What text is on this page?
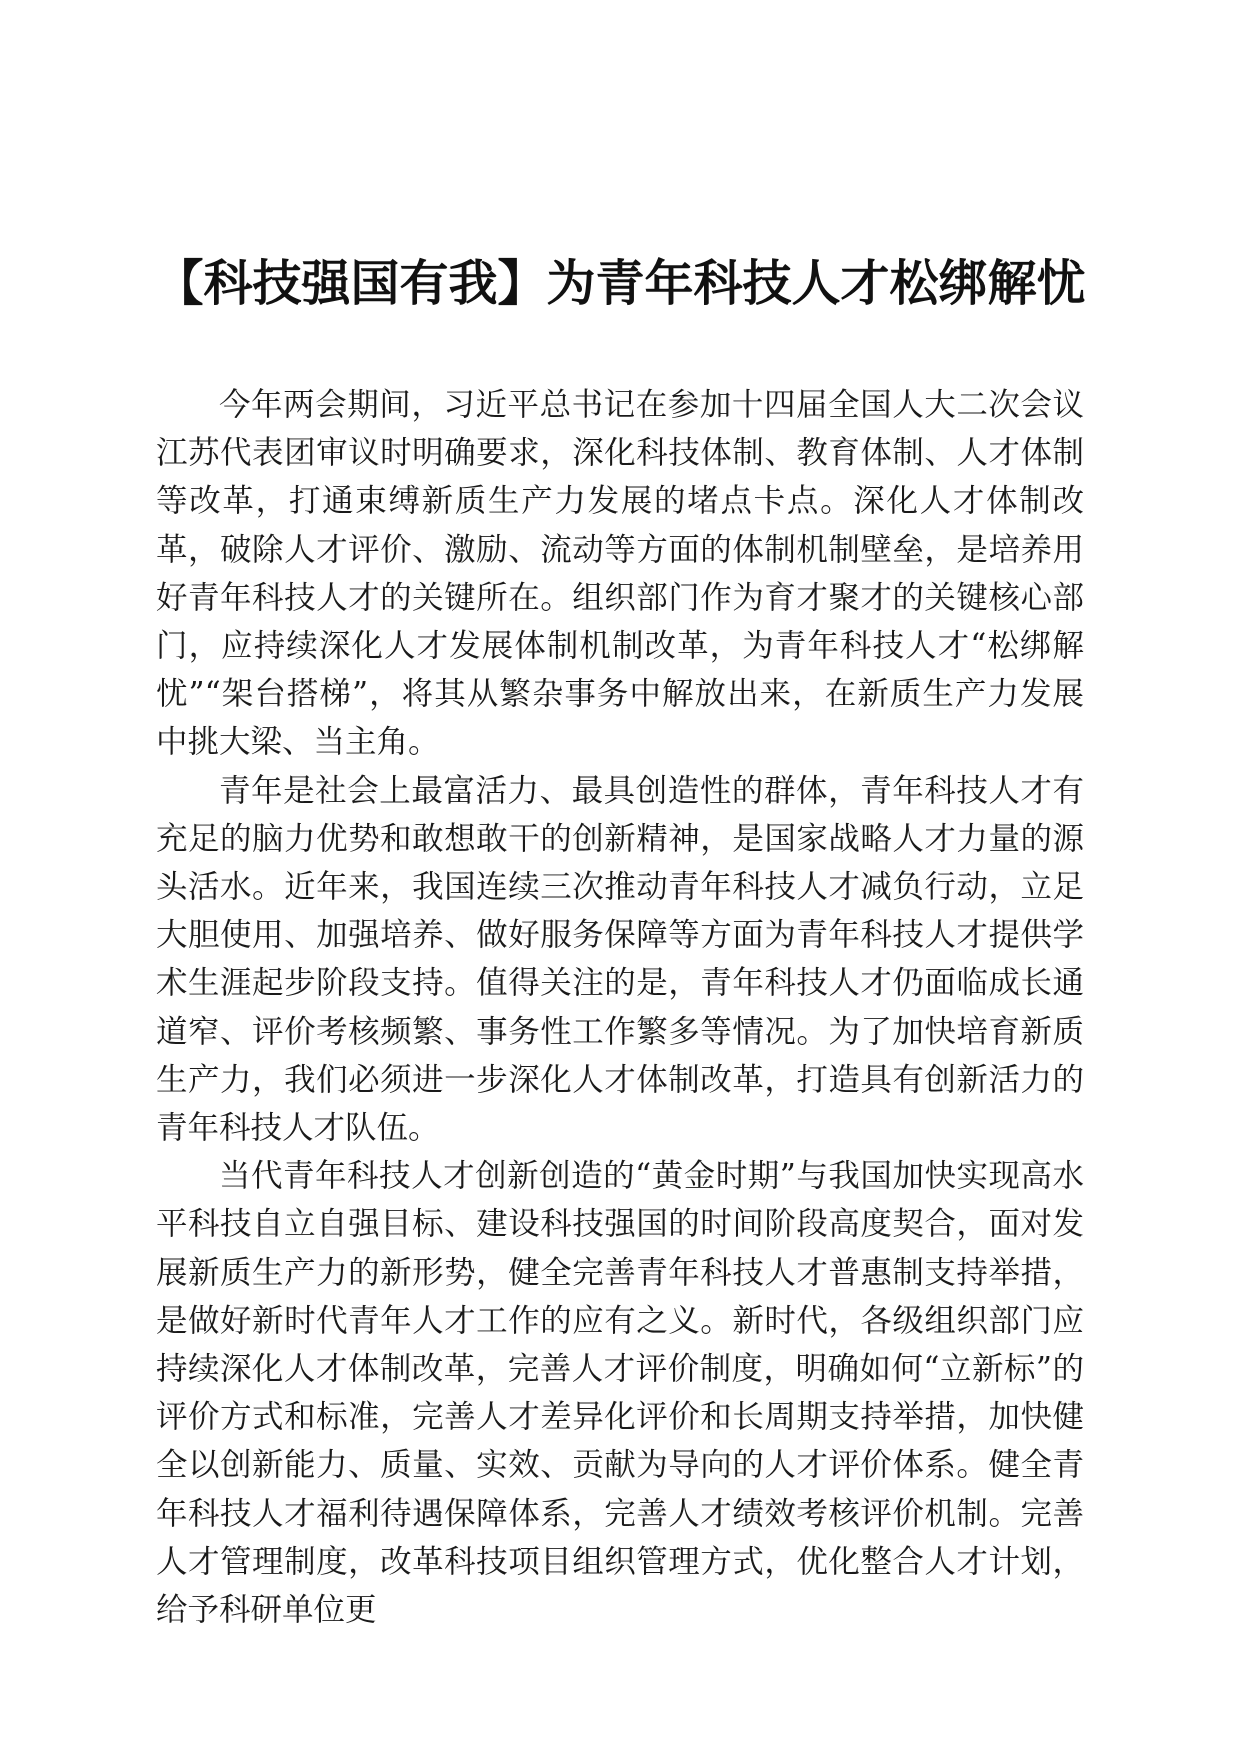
【科技强国有我】为青年科技人才松绑解忧

今年两会期间，习近平总书记在参加十四届全国人大二次会议江苏代表团审议时明确要求，深化科技体制、教育体制、人才体制等改革，打通束缚新质生产力发展的堵点卡点。深化人才体制改革，破除人才评价、激励、流动等方面的体制机制壁垒，是培养用好青年科技人才的关键所在。组织部门作为育才聚才的关键核心部门，应持续深化人才发展体制机制改革，为青年科技人才“松绑解忧”“架台搭梯”，将其从繁杂事务中解放出来，在新质生产力发展中挑大梁、当主角。

青年是社会上最富活力、最具创造性的群体，青年科技人才有充足的脑力优势和敢想敢干的创新精神，是国家战略人才力量的源头活水。近年来，我国连续三次推动青年科技人才减负行动，立足大胆使用、加强培养、做好服务保障等方面为青年科技人才提供学术生涯起步阶段支持。值得关注的是，青年科技人才仍面临成长通道窄、评价考核频繁、事务性工作繁多等情况。为了加快培育新质生产力，我们必须进一步深化人才体制改革，打造具有创新活力的青年科技人才队伍。

当代青年科技人才创新创造的“黄金时期”与我国加快实现高水平科技自立自强目标、建设科技强国的时间阶段高度契合，面对发展新质生产力的新形势，健全完善青年科技人才普惠制支持举措，是做好新时代青年人才工作的应有之义。新时代，各级组织部门应持续深化人才体制改革，完善人才评价制度，明确如何“立新标”的评价方式和标准，完善人才差异化评价和长周期支持举措，加快健全以创新能力、质量、实效、贡献为导向的人才评价体系。健全青年科技人才福利待遇保障体系，完善人才绩效考核评价机制。完善人才管理制度，改革科技项目组织管理方式，优化整合人才计划，给予科研单位更
